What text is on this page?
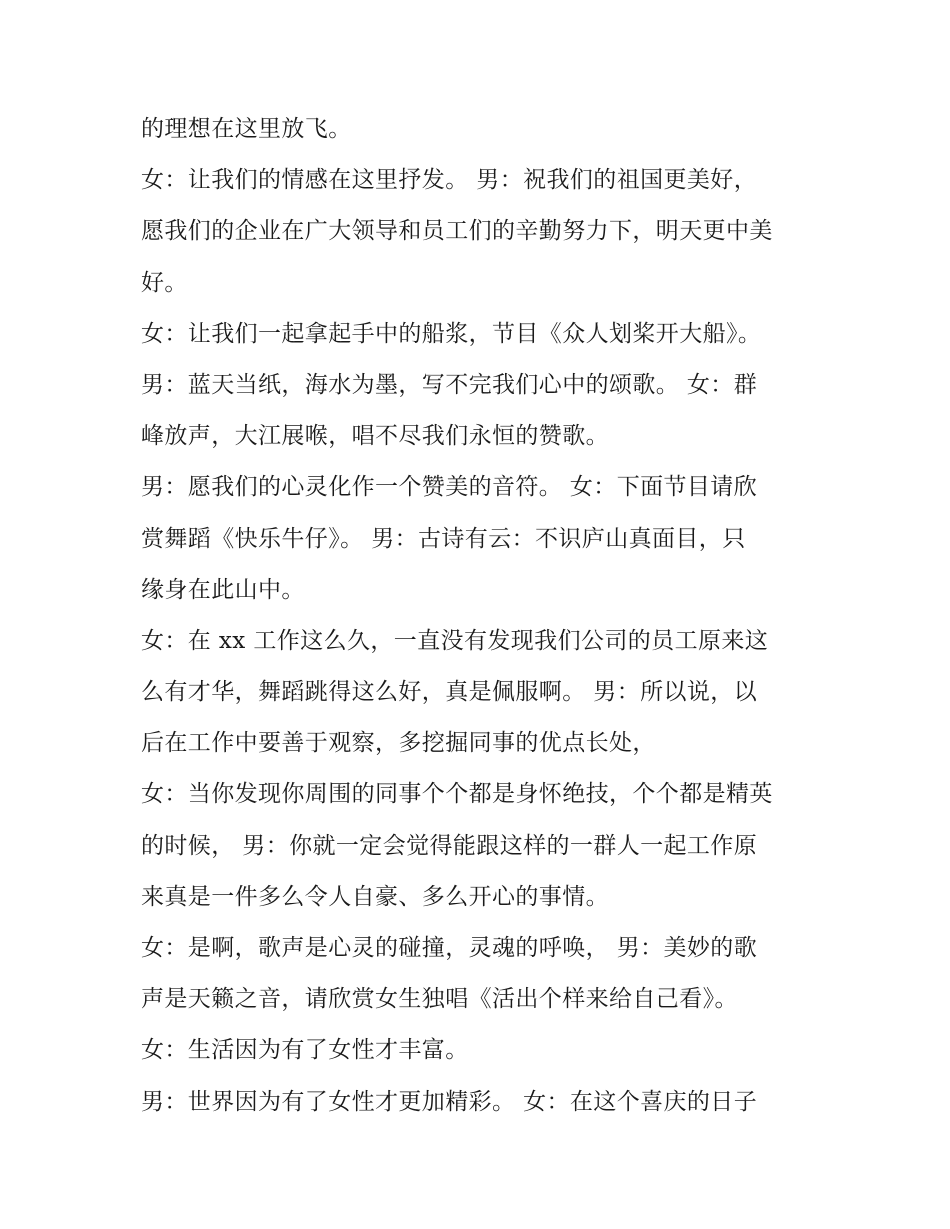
的理想在这里放飞。
女：让我们的情感在这里抒发。 男：祝我们的祖国更美好，
愿我们的企业在广大领导和员工们的辛勤努力下，明天更中美
好。
女：让我们一起拿起手中的船浆，节目《众人划桨开大船》。
男：蓝天当纸，海水为墨，写不完我们心中的颂歌。 女：群
峰放声，大江展喉，唱不尽我们永恒的赞歌。
男：愿我们的心灵化作一个赞美的音符。 女：下面节目请欣
赏舞蹈《快乐牛仔》。 男：古诗有云：不识庐山真面目，只
缘身在此山中。
女：在 xx 工作这么久，一直没有发现我们公司的员工原来这
么有才华，舞蹈跳得这么好，真是佩服啊。 男：所以说，以
后在工作中要善于观察，多挖掘同事的优点长处，
女：当你发现你周围的同事个个都是身怀绝技，个个都是精英
的时候， 男：你就一定会觉得能跟这样的一群人一起工作原
来真是一件多么令人自豪、多么开心的事情。
女：是啊，歌声是心灵的碰撞，灵魂的呼唤， 男：美妙的歌
声是天籁之音，请欣赏女生独唱《活出个样来给自己看》。
女：生活因为有了女性才丰富。
男：世界因为有了女性才更加精彩。 女：在这个喜庆的日子
